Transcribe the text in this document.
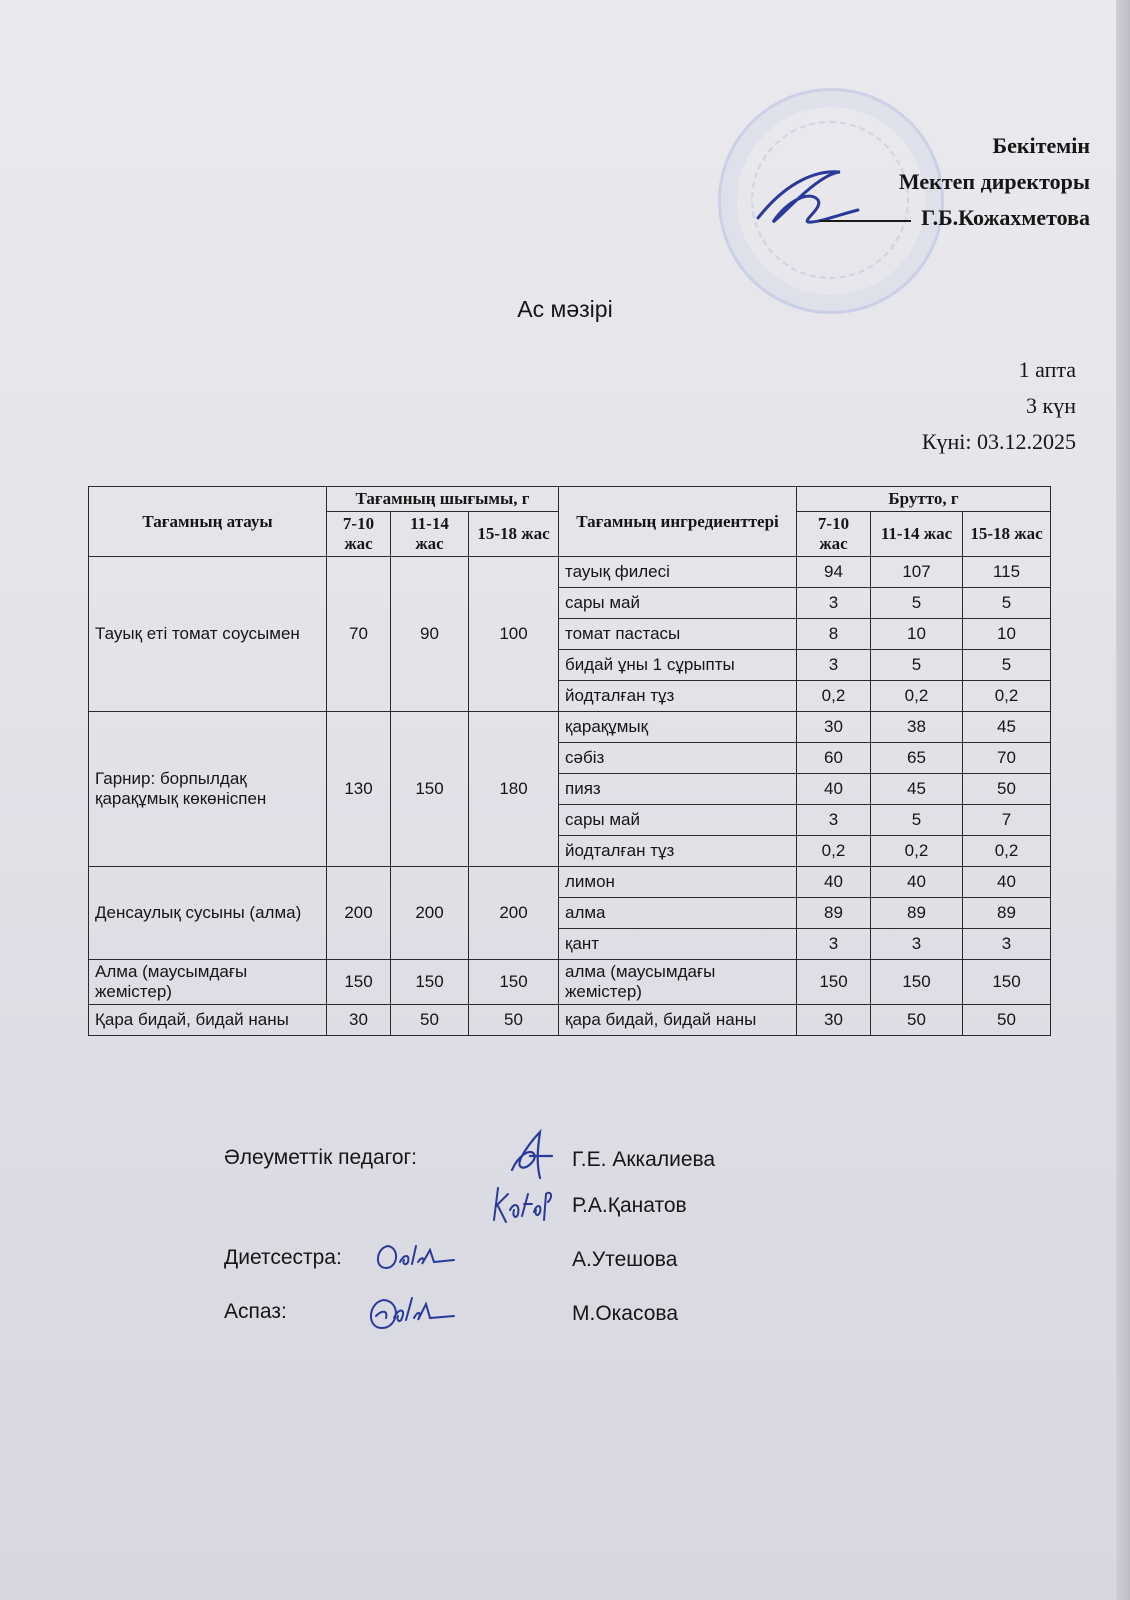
Бекітемін
Мектеп директоры
Г.Б.Кожахметова
Ас мәзірі
1 апта
3 күн
Күні: 03.12.2025
Тағамның атауы	Тағамның шығымы, г			Тағамның ингредиенттері	Брутто, г		
	7-10 жас	11-14 жас	15-18 жас		7-10 жас	11-14 жас	15-18 жас
Тауық еті томат соусымен	70	90	100	тауық филесі	94	107	115
				сары май	3	5	5
				томат пастасы	8	10	10
				бидай ұны 1 сұрыпты	3	5	5
				йодталған тұз	0,2	0,2	0,2
Гарнир: борпылдақ қарақұмық көкөніспен	130	150	180	қарақұмық	30	38	45
				сәбіз	60	65	70
				пияз	40	45	50
				сары май	3	5	7
				йодталған тұз	0,2	0,2	0,2
Денсаулық сусыны (алма)	200	200	200	лимон	40	40	40
				алма	89	89	89
				қант	3	3	3
Алма (маусымдағы жемістер)	150	150	150	алма (маусымдағы жемістер)	150	150	150
Қара бидай, бидай наны	30	50	50	қара бидай, бидай наны	30	50	50
Әлеуметтік педагог:	Г.Е. Аккалиева
Р.А.Қанатов
Диетсестра:	А.Утешова
Аспаз:	М.Окасова
